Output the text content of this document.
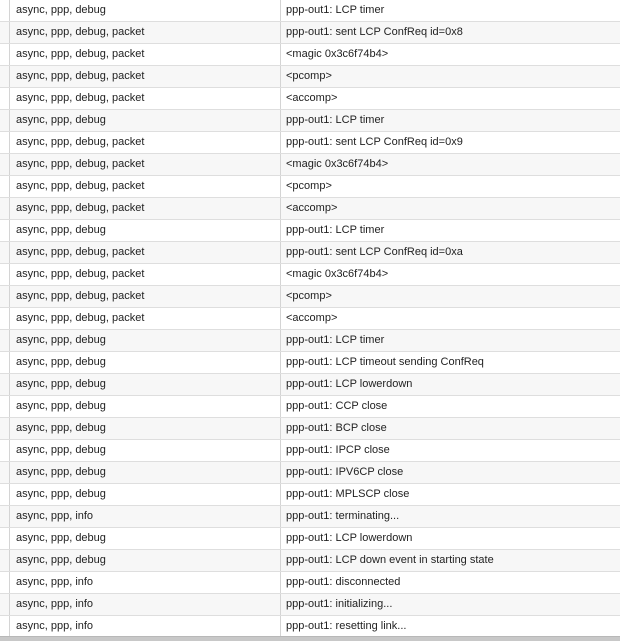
async, ppp, debug	ppp-out1: LCP timer
async, ppp, debug, packet	ppp-out1: sent LCP ConfReq id=0x8
async, ppp, debug, packet	<magic 0x3c6f74b4>
async, ppp, debug, packet	<pcomp>
async, ppp, debug, packet	<accomp>
async, ppp, debug	ppp-out1: LCP timer
async, ppp, debug, packet	ppp-out1: sent LCP ConfReq id=0x9
async, ppp, debug, packet	<magic 0x3c6f74b4>
async, ppp, debug, packet	<pcomp>
async, ppp, debug, packet	<accomp>
async, ppp, debug	ppp-out1: LCP timer
async, ppp, debug, packet	ppp-out1: sent LCP ConfReq id=0xa
async, ppp, debug, packet	<magic 0x3c6f74b4>
async, ppp, debug, packet	<pcomp>
async, ppp, debug, packet	<accomp>
async, ppp, debug	ppp-out1: LCP timer
async, ppp, debug	ppp-out1: LCP timeout sending ConfReq
async, ppp, debug	ppp-out1: LCP lowerdown
async, ppp, debug	ppp-out1: CCP close
async, ppp, debug	ppp-out1: BCP close
async, ppp, debug	ppp-out1: IPCP close
async, ppp, debug	ppp-out1: IPV6CP close
async, ppp, debug	ppp-out1: MPLSCP close
async, ppp, info	ppp-out1: terminating...
async, ppp, debug	ppp-out1: LCP lowerdown
async, ppp, debug	ppp-out1: LCP down event in starting state
async, ppp, info	ppp-out1: disconnected
async, ppp, info	ppp-out1: initializing...
async, ppp, info	ppp-out1: resetting link...
